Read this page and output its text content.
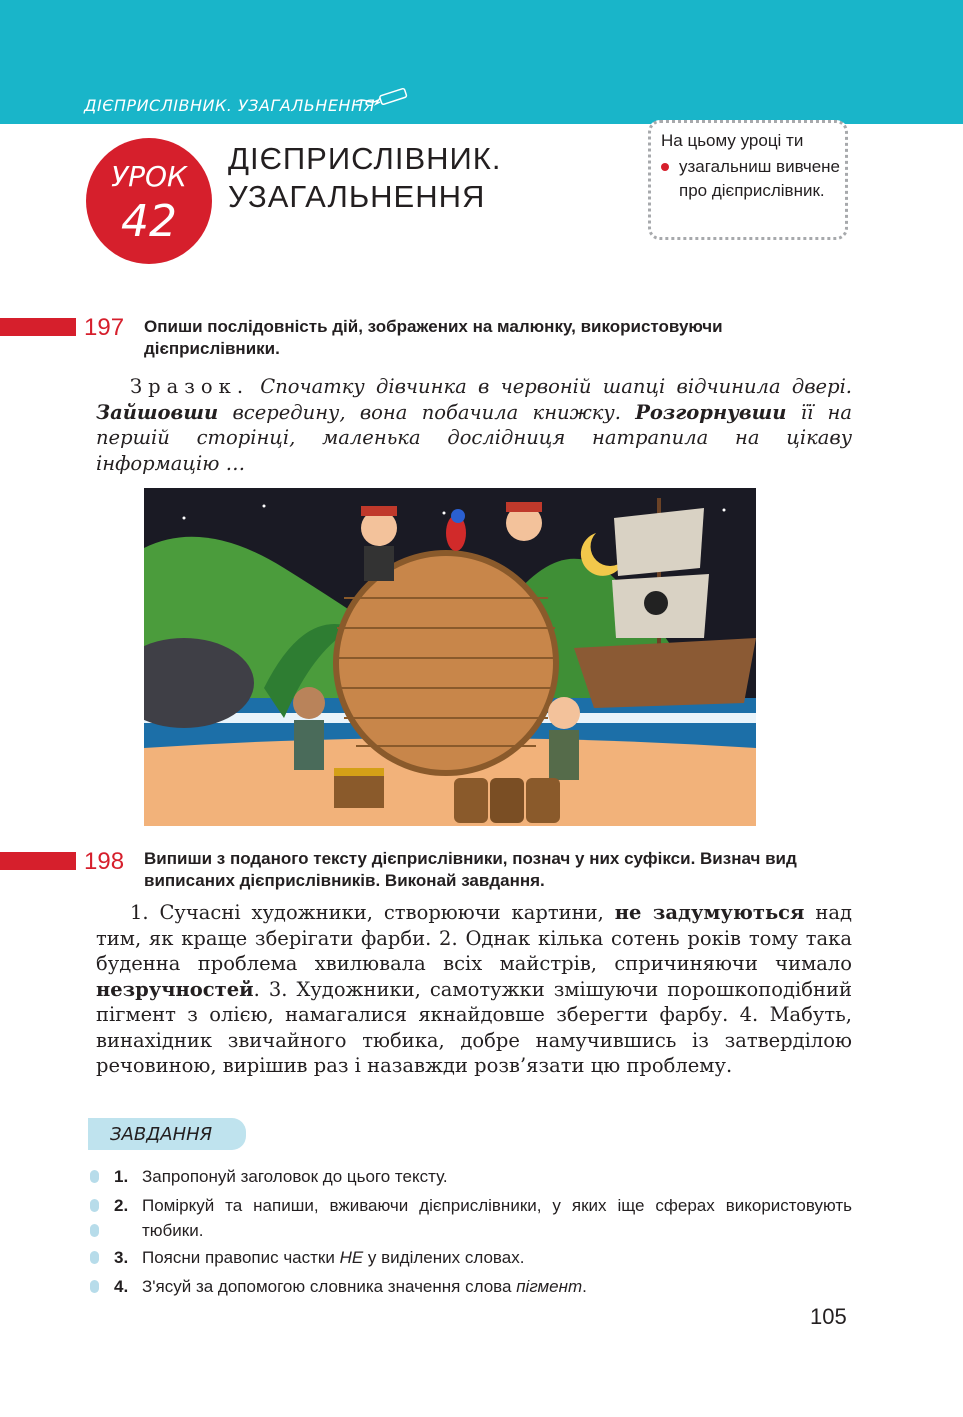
ДІЄПРИСЛІВНИК. УЗАГАЛЬНЕННЯ
УРОК
42
ДІЄПРИСЛІВНИК.
УЗАГАЛЬНЕННЯ
На цьому уроці ти
узагальниш вивчене про дієприслівник.
197 Опиши послідовність дій, зображених на малюнку, використовуючи дієприслівники.
Зразок. Спочатку дівчинка в червоній шапці відчинила двері. Зайшовши всередину, вона побачила книжку. Розгорнувши її на першій сторінці, маленька дослідниця натрапила на цікаву інформацію …
198 Випиши з поданого тексту дієприслівники, познач у них суфікси. Визнач вид виписаних дієприслівників. Виконай завдання.
1. Сучасні художники, створюючи картини, не задумуються над тим, як краще зберігати фарби. 2. Однак кілька сотень років тому така буденна проблема хвилювала всіх майстрів, спричиняючи чимало незручностей. 3. Художники, самотужки змішуючи порошкоподібний пігмент з олією, намагалися якнайдовше зберегти фарбу. 4. Мабуть, винахідник звичайного тюбика, добре намучившись із затверділою речовиною, вирішив раз і назавжди розв’язати цю проблему.
ЗАВДАННЯ
1. Запропонуй заголовок до цього тексту.
2. Поміркуй та напиши, вживаючи дієприслівники, у яких іще сферах використовують тюбики.
3. Поясни правопис частки НЕ у виділених словах.
4. З'ясуй за допомогою словника значення слова пігмент.
105
